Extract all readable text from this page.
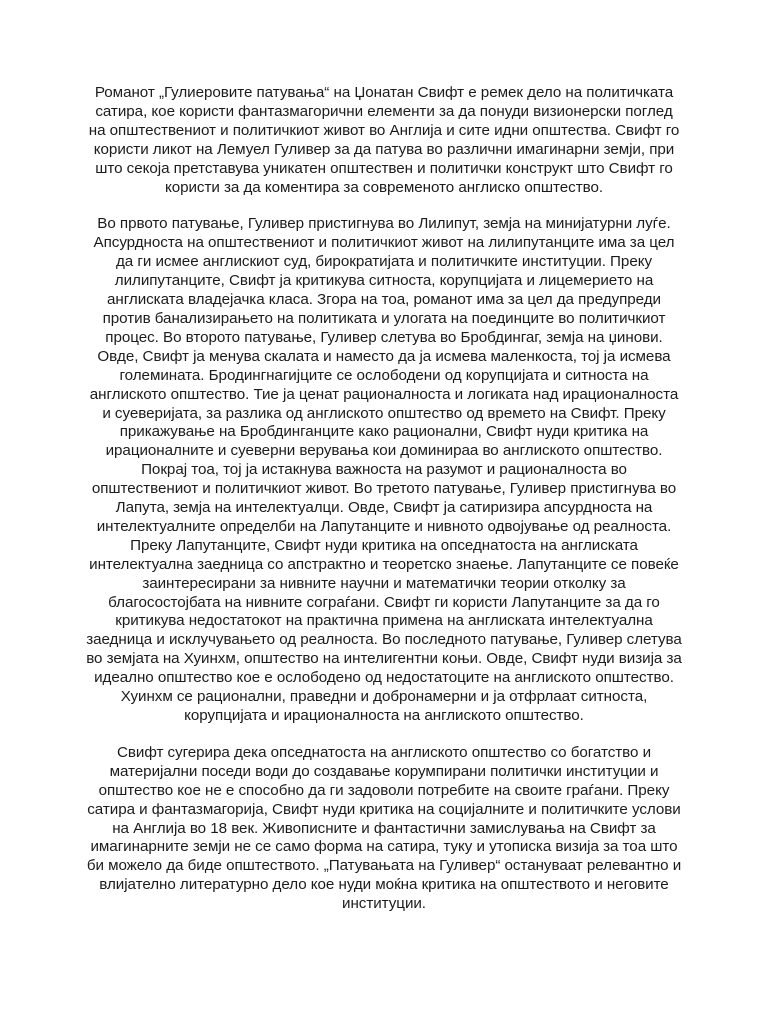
Романот „Гулиеровите патувања“ на Џонатан Свифт е ремек дело на политичката сатира, кое користи фантазмагорични елементи за да понуди визионерски поглед на општествениот и политичкиот живот во Англија и сите идни општества. Свифт го користи ликот на Лемуел Гуливер за да патува во различни имагинарни земји, при што секоја претставува уникатен општествен и политички конструкт што Свифт го користи за да коментира за современото англиско општество.

Во првото патување, Гуливер пристигнува во Лилипут, земја на минијатурни луѓе. Апсурдноста на општествениот и политичкиот живот на лилипутанците има за цел да ги исмее англискиот суд, бирократијата и политичките институции. Преку лилипутанците, Свифт ја критикува ситноста, корупцијата и лицемериeто на англиската владејачка класа. Згора на тоа, романот има за цел да предупреди против банализирањето на политиката и улогата на поединците во политичкиот процес. Во второто патување, Гуливер слетува во Бробдингаг, земја на џинови. Овде, Свифт ја менува скалата и наместо да ја исмева маленкоста, тој ја исмева големината. Бродингнагијците се ослободени од корупцијата и ситноста на англиското општество. Тие ја ценат рационалноста и логиката над ирационалноста и суеверијата, за разлика од англиското општество од времето на Свифт. Преку прикажување на Бробдинганците како рационални, Свифт нуди критика на ирационалните и суеверни верувања кои доминираа во англиското општество. Покрај тоа, тој ја истакнува важноста на разумот и рационалноста во општествениот и политичкиот живот. Во третото патување, Гуливер пристигнува во Лапута, земја на интелектуалци. Овде, Свифт ја сатиризира апсурдноста на интелектуалните определби на Лапутанците и нивното одвојување од реалноста. Преку Лапутанците, Свифт нуди критика на опседнатоста на англиската интелектуална заедница со апстрактно и теоретско знаење. Лапутанците се повеќе заинтересирани за нивните научни и математички теории отколку за благосостојбата на нивните сограѓани. Свифт ги користи Лапутанците за да го критикува недостатокот на практична примена на англиската интелектуална заедница и исклучувањето од реалноста. Во последното патување, Гуливер слетува во земјата на Хуинхм, општество на интелигентни коњи. Овде, Свифт нуди визија за идеално општество кое е ослободено од недостатоците на англиското општество. Хуинхм се рационални, праведни и добронамерни и ја отфрлаат ситноста, корупцијата и ирационалноста на англиското општество.

Свифт сугерира дека опседнатоста на англиското општество со богатство и материјални поседи води до создавање корумпирани политички институции и општество кое не е способно да ги задоволи потребите на своите граѓани. Преку сатира и фантазмагорија, Свифт нуди критика на социјалните и политичките услови на Англија во 18 век. Живописните и фантастични замислувања на Свифт за имагинарните земји не се само форма на сатира, туку и утописка визија за тоа што би можело да биде општеството. „Патувањата на Гуливер“ остануваат релевантно и влијателно литературно дело кое нуди моќна критика на општеството и неговите институции.
